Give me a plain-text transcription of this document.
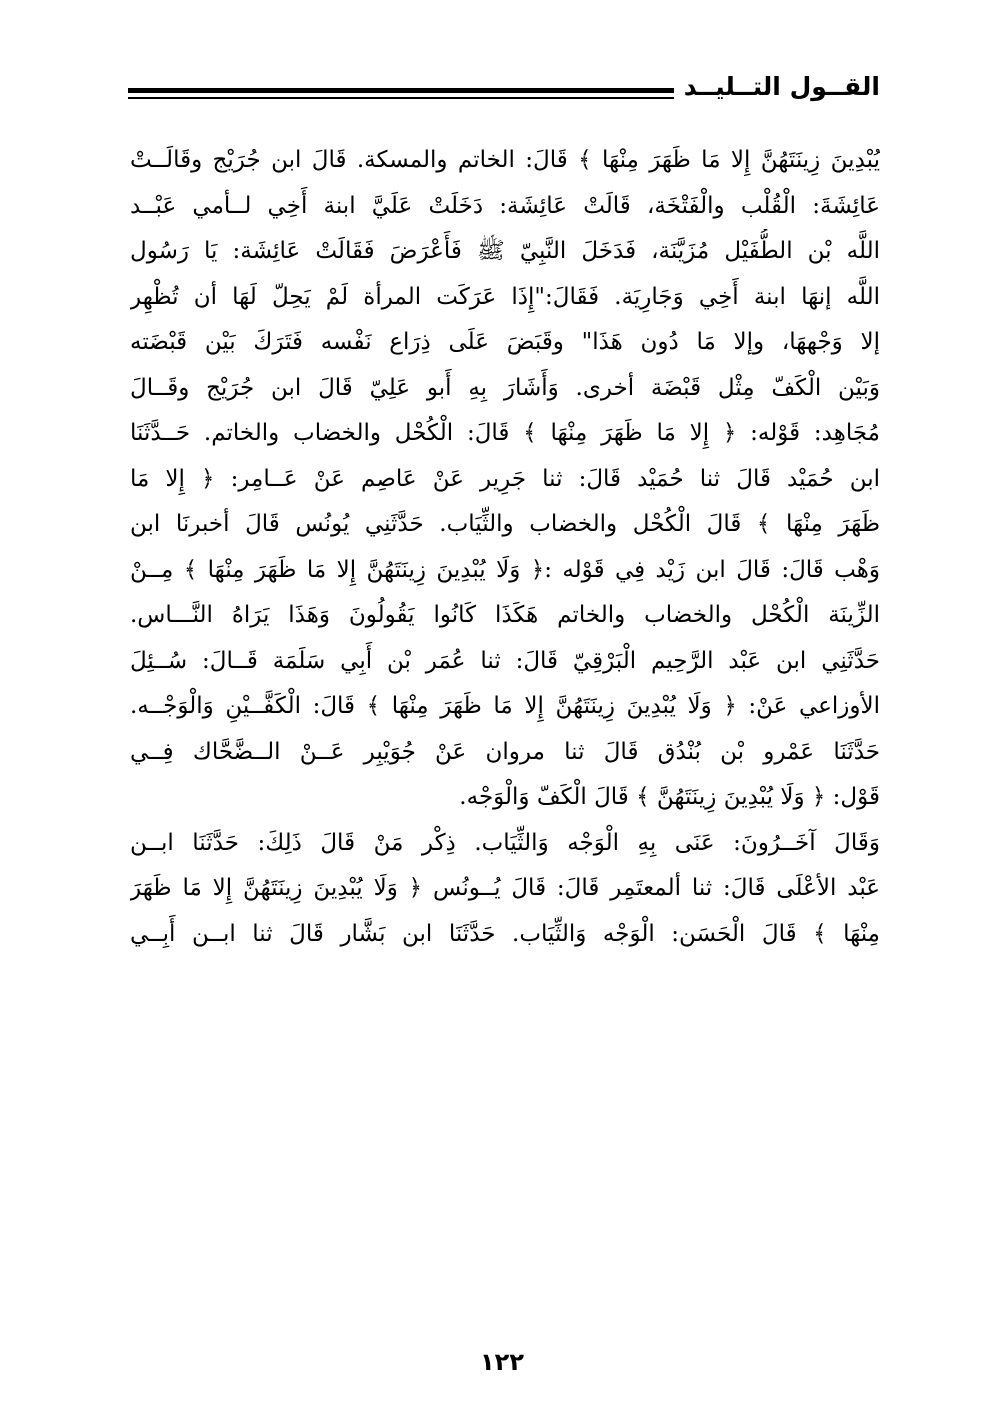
القــول التــليــد
يُبْدِينَ زِينَتَهُنَّ إِلا مَا ظَهَرَ مِنْهَا ﴾ قَالَ: الخاتم والمسكة. قَالَ ابن جُرَيْج وقَالَــتْ
عَائِشَةَ: الْقُلْب والْفَتْخَة، قَالَتْ عَائِشَة: دَخَلَتْ عَلَيَّ ابنة أَخِي لــأمي عَبْــد
اللَّه بْن الطُّفَيْل مُزَيَّنَة، فَدَخَلَ النَّبِيّ ﷺ فَأَعْرَضَ فَقَالَتْ عَائِشَة: يَا رَسُول
اللَّه إنهَا ابنة أَخِي وَجَارِيَة. فَقَالَ:"إِذَا عَرَكَت المرأة لَمْ يَحِلّ لَهَا أن تُظْهِر
إلا وَجْههَا، وإلا مَا دُون هَذَا" وقَبَضَ عَلَى ذِرَاع نَفْسه فَتَرَكَ بَيْن قَبْضَته
وَبَيْن الْكَفّ مِثْل قَبْضَة أخرى. وَأَشَارَ بِهِ أَبو عَلِيّ قَالَ ابن جُرَيْج وقَــالَ
مُجَاهِد: قَوْله: ﴿ إِلا مَا ظَهَرَ مِنْهَا ﴾ قَالَ: الْكُحْل والخضاب والخاتم. حَــدَّثَنَا
ابن حُمَيْد قَالَ ثنا حُمَيْد قَالَ: ثنا جَرِير عَنْ عَاصِم عَنْ عَــامِر: ﴿ إِلا مَا
ظَهَرَ مِنْهَا ﴾ قَالَ الْكُحْل والخضاب والثِّيَاب. حَدَّثَنِي يُونُس قَالَ أخبرنَا ابن
وَهْب قَالَ: قَالَ ابن زَيْد فِي قَوْله :﴿ وَلَا يُبْدِينَ زِينَتَهُنَّ إِلا مَا ظَهَرَ مِنْهَا ﴾ مِــنْ
الزِّينَة الْكُحْل والخضاب والخاتم هَكَذَا كَانُوا يَقُولُونَ وَهَذَا يَرَاهُ النَّـــاس.
حَدَّثَنِي ابن عَبْد الرَّحِيم الْبَرْقِيّ قَالَ: ثنا عُمَر بْن أَبِي سَلَمَة قَــالَ: سُــئِلَ
الأوزاعي عَنْ: ﴿ وَلَا يُبْدِينَ زِينَتَهُنَّ إِلا مَا ظَهَرَ مِنْهَا ﴾ قَالَ: الْكَفَّــيْنِ وَالْوَجْــه.
حَدَّثَنَا عَمْرو بْن بُنْدُق قَالَ ثنا مروان عَنْ جُوَيْبِر عَــنْ الــضَّحَّاك فِــي
قَوْل: ﴿ وَلَا يُبْدِينَ زِينَتَهُنَّ ﴾ قَالَ الْكَفّ وَالْوَجْه.
وَقَالَ آخَــرُونَ: عَنَى بِهِ الْوَجْه وَالثِّيَاب. ذِكْر مَنْ قَالَ ذَلِكَ: حَدَّثَنَا ابــن
عَبْد الأعْلَى قَالَ: ثنا ألمعتَمِر قَالَ: قَالَ يُــونُس ﴿ وَلَا يُبْدِينَ زِينَتَهُنَّ إِلا مَا ظَهَرَ
مِنْهَا ﴾ قَالَ الْحَسَن: الْوَجْه وَالثِّيَاب. حَدَّثَنَا ابن بَشَّار قَالَ ثنا ابــن أَبِــي
١٢٢
